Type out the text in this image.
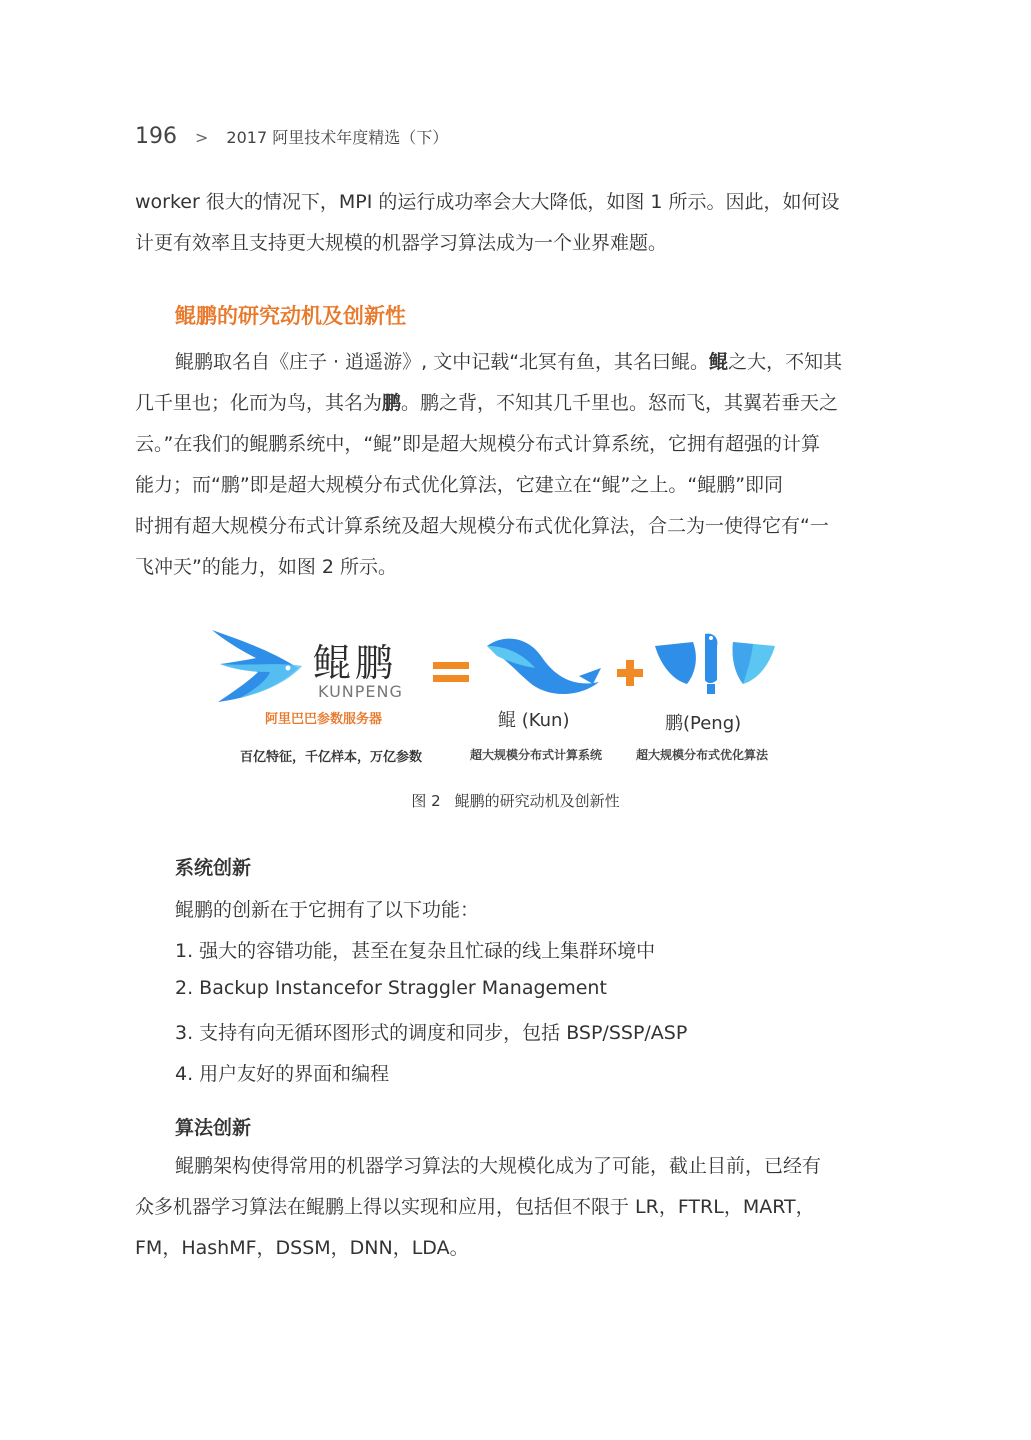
196 > 2017 阿里技术年度精选（下）

worker 很大的情况下，MPI 的运行成功率会大大降低，如图 1 所示。因此，如何设

计更有效率且支持更大规模的机器学习算法成为一个业界难题。

鲲鹏的研究动机及创新性

鲲鹏取名自《庄子 · 逍遥游》, 文中记载“北冥有鱼，其名曰鲲。鲲之大，不知其

几千里也；化而为鸟，其名为鹏。鹏之背，不知其几千里也。怒而飞，其翼若垂天之

云。”在我们的鲲鹏系统中，“鲲”即是超大规模分布式计算系统，它拥有超强的计算

能力；而“鹏”即是超大规模分布式优化算法，它建立在“鲲”之上。“鲲鹏”即同

时拥有超大规模分布式计算系统及超大规模分布式优化算法，合二为一使得它有“一

飞冲天”的能力，如图 2 所示。

鲲鹏
KUNPENG
阿里巴巴参数服务器
百亿特征，千亿样本，万亿参数
鲲 (Kun)
超大规模分布式计算系统
鹏(Peng)
超大规模分布式优化算法
图 2 鲲鹏的研究动机及创新性
系统创新

鲲鹏的创新在于它拥有了以下功能：

1. 强大的容错功能，甚至在复杂且忙碌的线上集群环境中

2. Backup Instancefor Straggler Management

3. 支持有向无循环图形式的调度和同步，包括 BSP/SSP/ASP

4. 用户友好的界面和编程

算法创新

鲲鹏架构使得常用的机器学习算法的大规模化成为了可能，截止目前，已经有

众多机器学习算法在鲲鹏上得以实现和应用，包括但不限于 LR，FTRL，MART，

FM，HashMF，DSSM，DNN，LDA。
